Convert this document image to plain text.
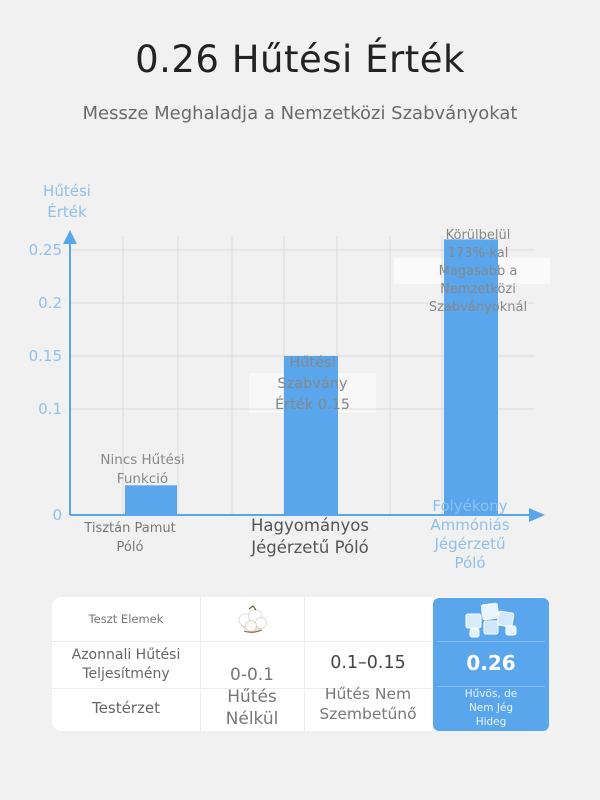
0.26 Hűtési Érték
Messze Meghaladja a Nemzetközi Szabványokat
0
0.1
0.15
0.2
0.25
Hűtési
Érték
Nincs Hűtési
Funkció
Hűtési
Szabvány
Érték 0.15
Körülbelül
173%-kal
Magasabb a
Nemzetközi
Szabványoknál
Tisztán Pamut
Póló
Hagyományos
Jégérzetű Póló
Folyékony
Ammóniás
Jégérzetű
Póló
Teszt Elemek
Azonnali Hűtési
Teljesítmény
Testérzet
0-0.1
Hűtés
Nélkül
0.1–0.15
Hűtés Nem
Szembetűnő
0.26
Hűvös, de
Nem Jég
Hideg
